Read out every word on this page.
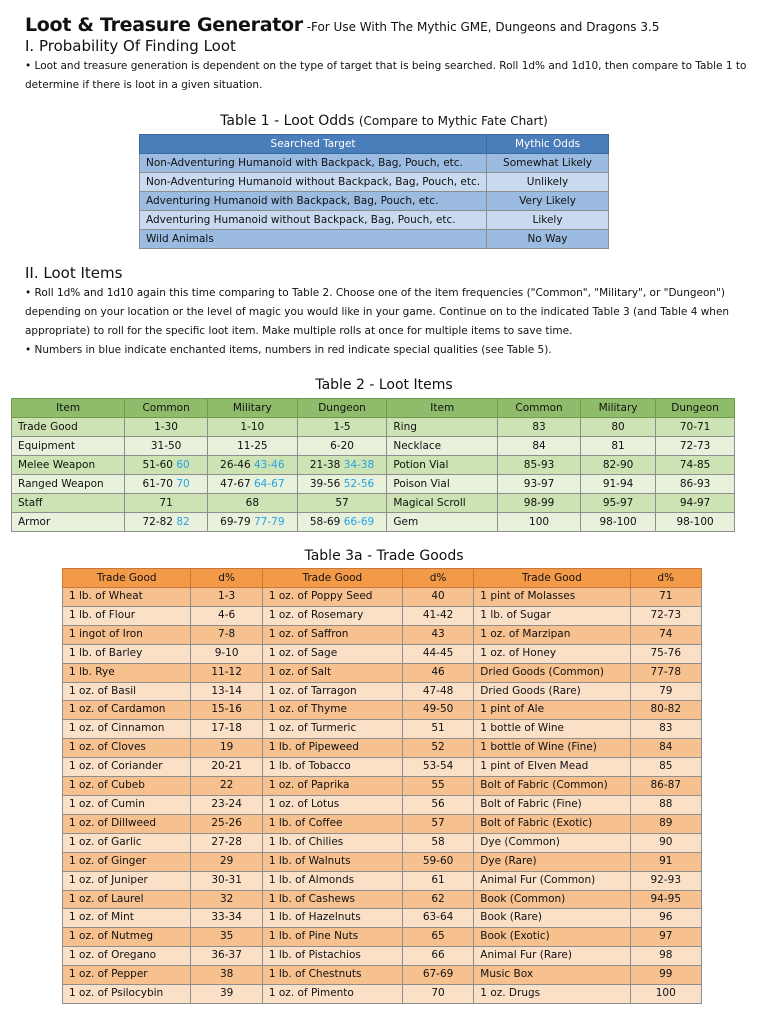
Loot & Treasure Generator -For Use With The Mythic GME, Dungeons and Dragons 3.5
I. Probability Of Finding Loot
• Loot and treasure generation is dependent on the type of target that is being searched. Roll 1d% and 1d10, then compare to Table 1 to determine if there is loot in a given situation.
Table 1 - Loot Odds (Compare to Mythic Fate Chart)
Searched Target	Mythic Odds
Non-Adventuring Humanoid with Backpack, Bag, Pouch, etc.	Somewhat Likely
Non-Adventuring Humanoid without Backpack, Bag, Pouch, etc.	Unlikely
Adventuring Humanoid with Backpack, Bag, Pouch, etc.	Very Likely
Adventuring Humanoid without Backpack, Bag, Pouch, etc.	Likely
Wild Animals	No Way
II. Loot Items
• Roll 1d% and 1d10 again this time comparing to Table 2. Choose one of the item frequencies ("Common", "Military", or "Dungeon") depending on your location or the level of magic you would like in your game. Continue on to the indicated Table 3 (and Table 4 when appropriate) to roll for the specific loot item. Make multiple rolls at once for multiple items to save time.
• Numbers in blue indicate enchanted items, numbers in red indicate special qualities (see Table 5).
Table 2 - Loot Items
Item	Common	Military	Dungeon	Item	Common	Military	Dungeon
Trade Good	1-30	1-10	1-5	Ring	83	80	70-71
Equipment	31-50	11-25	6-20	Necklace	84	81	72-73
Melee Weapon	51-60 60	26-46 43-46	21-38 34-38	Potion Vial	85-93	82-90	74-85
Ranged Weapon	61-70 70	47-67 64-67	39-56 52-56	Poison Vial	93-97	91-94	86-93
Staff	71	68	57	Magical Scroll	98-99	95-97	94-97
Armor	72-82 82	69-79 77-79	58-69 66-69	Gem	100	98-100	98-100
Table 3a - Trade Goods
Trade Good	d%	Trade Good	d%	Trade Good	d%
1 lb. of Wheat	1-3	1 oz. of Poppy Seed	40	1 pint of Molasses	71
1 lb. of Flour	4-6	1 oz. of Rosemary	41-42	1 lb. of Sugar	72-73
1 ingot of Iron	7-8	1 oz. of Saffron	43	1 oz. of Marzipan	74
1 lb. of Barley	9-10	1 oz. of Sage	44-45	1 oz. of Honey	75-76
1 lb. Rye	11-12	1 oz. of Salt	46	Dried Goods (Common)	77-78
1 oz. of Basil	13-14	1 oz. of Tarragon	47-48	Dried Goods (Rare)	79
1 oz. of Cardamon	15-16	1 oz. of Thyme	49-50	1 pint of Ale	80-82
1 oz. of Cinnamon	17-18	1 oz. of Turmeric	51	1 bottle of Wine	83
1 oz. of Cloves	19	1 lb. of Pipeweed	52	1 bottle of Wine (Fine)	84
1 oz. of Coriander	20-21	1 lb. of Tobacco	53-54	1 pint of Elven Mead	85
1 oz. of Cubeb	22	1 oz. of Paprika	55	Bolt of Fabric (Common)	86-87
1 oz. of Cumin	23-24	1 oz. of Lotus	56	Bolt of Fabric (Fine)	88
1 oz. of Dillweed	25-26	1 lb. of Coffee	57	Bolt of Fabric (Exotic)	89
1 oz. of Garlic	27-28	1 lb. of Chilies	58	Dye (Common)	90
1 oz. of Ginger	29	1 lb. of Walnuts	59-60	Dye (Rare)	91
1 oz. of Juniper	30-31	1 lb. of Almonds	61	Animal Fur (Common)	92-93
1 oz. of Laurel	32	1 lb. of Cashews	62	Book (Common)	94-95
1 oz. of Mint	33-34	1 lb. of Hazelnuts	63-64	Book (Rare)	96
1 oz. of Nutmeg	35	1 lb. of Pine Nuts	65	Book (Exotic)	97
1 oz. of Oregano	36-37	1 lb. of Pistachios	66	Animal Fur (Rare)	98
1 oz. of Pepper	38	1 lb. of Chestnuts	67-69	Music Box	99
1 oz. of Psilocybin	39	1 oz. of Pimento	70	1 oz. Drugs	100
